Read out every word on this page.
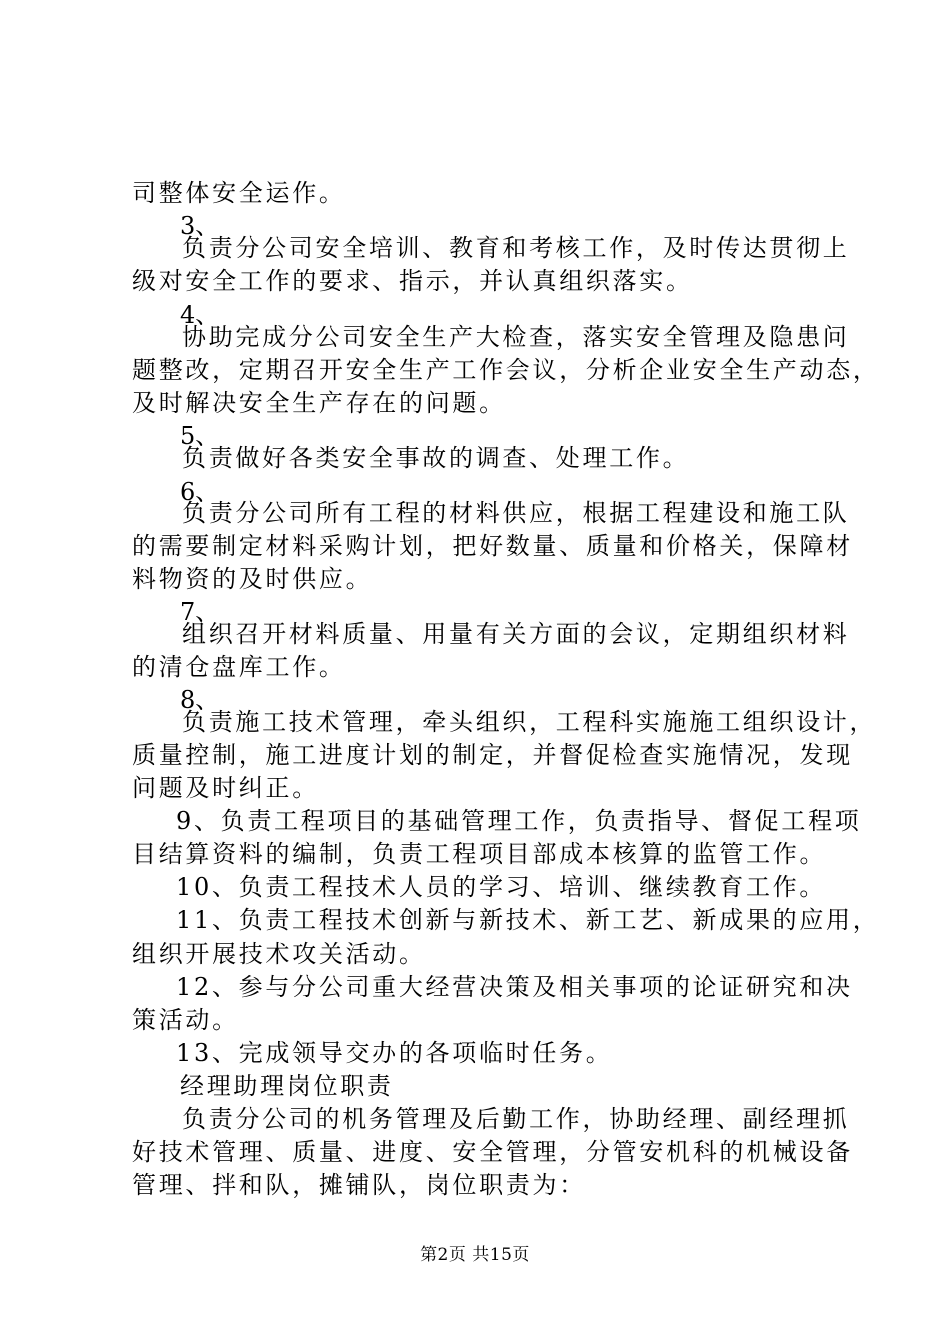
司整体安全运作。
3、
负责分公司安全培训、教育和考核工作，及时传达贯彻上
级对安全工作的要求、指示，并认真组织落实。
4、
协助完成分公司安全生产大检查，落实安全管理及隐患问
题整改，定期召开安全生产工作会议，分析企业安全生产动态，
及时解决安全生产存在的问题。
5、
负责做好各类安全事故的调查、处理工作。
6、
负责分公司所有工程的材料供应，根据工程建设和施工队
的需要制定材料采购计划，把好数量、质量和价格关，保障材
料物资的及时供应。
7、
组织召开材料质量、用量有关方面的会议，定期组织材料
的清仓盘库工作。
8、
负责施工技术管理，牵头组织，工程科实施施工组织设计，
质量控制，施工进度计划的制定，并督促检查实施情况，发现
问题及时纠正。
9、负责工程项目的基础管理工作，负责指导、督促工程项
目结算资料的编制，负责工程项目部成本核算的监管工作。
10、负责工程技术人员的学习、培训、继续教育工作。
11、负责工程技术创新与新技术、新工艺、新成果的应用，
组织开展技术攻关活动。
12、参与分公司重大经营决策及相关事项的论证研究和决
策活动。
13、完成领导交办的各项临时任务。
经理助理岗位职责
负责分公司的机务管理及后勤工作，协助经理、副经理抓
好技术管理、质量、进度、安全管理，分管安机科的机械设备
管理、拌和队，摊铺队，岗位职责为：
第2页 共15页
